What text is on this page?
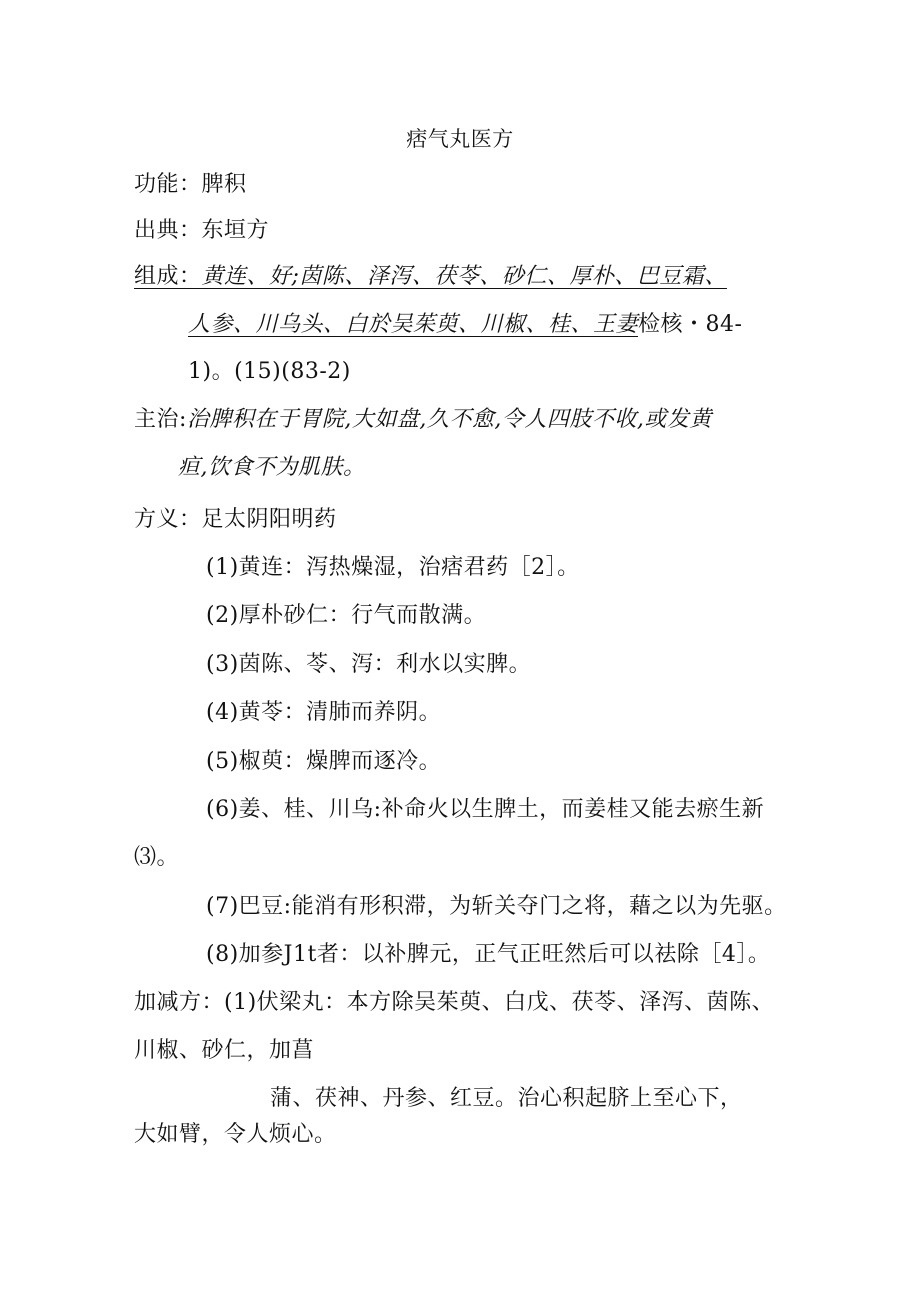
痞气丸医方
功能：脾积
出典：东垣方
组成：黄连、好;茵陈、泽泻、茯苓、砂仁、厚朴、巴豆霜、
人参、川乌头、白於吴茱萸、川椒、桂、王妻检核・84-
1)。(15)(83-2)
主治:治脾积在于胃院,大如盘,久不愈,令人四肢不收,或发黄
疸,饮食不为肌肤。
方义：足太阴阳明药
(1)黄连：泻热燥湿，治痞君药［2］。
(2)厚朴砂仁：行气而散满。
(3)茵陈、苓、泻：利水以实脾。
(4)黄苓：清肺而养阴。
(5)椒萸：燥脾而逐冷。
(6)姜、桂、川乌:补命火以生脾土，而姜桂又能去瘀生新
⑶。
(7)巴豆:能消有形积滞，为斩关夺门之将，藉之以为先驱。
(8)加参J1t者：以补脾元，正气正旺然后可以祛除［4］。
加减方：(1)伏梁丸：本方除吴茱萸、白戊、茯苓、泽泻、茵陈、
川椒、砂仁，加菖
蒲、茯神、丹参、红豆。治心积起脐上至心下，
大如臂，令人烦心。
